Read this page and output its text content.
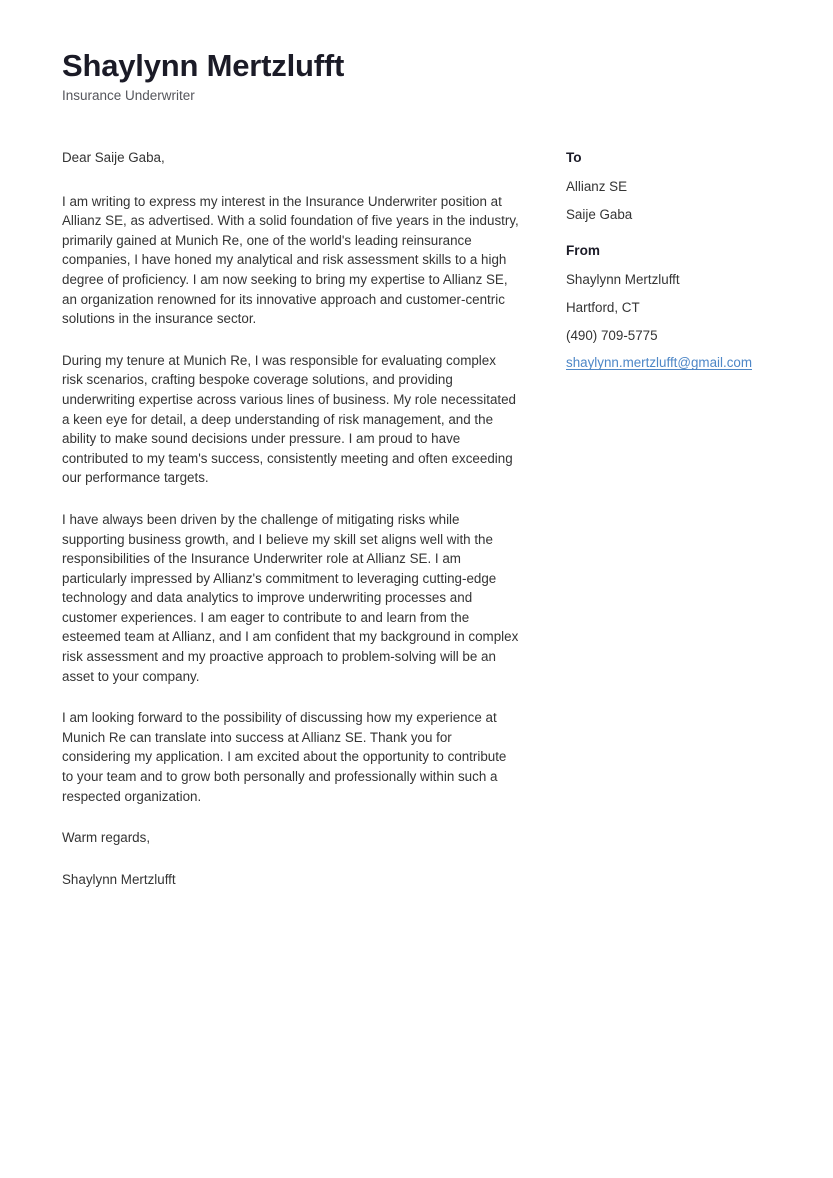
Shaylynn Mertzlufft
Insurance Underwriter

Dear Saije Gaba,

I am writing to express my interest in the Insurance Underwriter position at Allianz SE, as advertised. With a solid foundation of five years in the industry, primarily gained at Munich Re, one of the world's leading reinsurance companies, I have honed my analytical and risk assessment skills to a high degree of proficiency. I am now seeking to bring my expertise to Allianz SE, an organization renowned for its innovative approach and customer-centric solutions in the insurance sector.

During my tenure at Munich Re, I was responsible for evaluating complex risk scenarios, crafting bespoke coverage solutions, and providing underwriting expertise across various lines of business. My role necessitated a keen eye for detail, a deep understanding of risk management, and the ability to make sound decisions under pressure. I am proud to have contributed to my team's success, consistently meeting and often exceeding our performance targets.

I have always been driven by the challenge of mitigating risks while supporting business growth, and I believe my skill set aligns well with the responsibilities of the Insurance Underwriter role at Allianz SE. I am particularly impressed by Allianz's commitment to leveraging cutting-edge technology and data analytics to improve underwriting processes and customer experiences. I am eager to contribute to and learn from the esteemed team at Allianz, and I am confident that my background in complex risk assessment and my proactive approach to problem-solving will be an asset to your company.

I am looking forward to the possibility of discussing how my experience at Munich Re can translate into success at Allianz SE. Thank you for considering my application. I am excited about the opportunity to contribute to your team and to grow both personally and professionally within such a respected organization.

Warm regards,

Shaylynn Mertzlufft

To
Allianz SE
Saije Gaba
From
Shaylynn Mertzlufft
Hartford, CT
(490) 709-5775
shaylynn.mertzlufft@gmail.com
